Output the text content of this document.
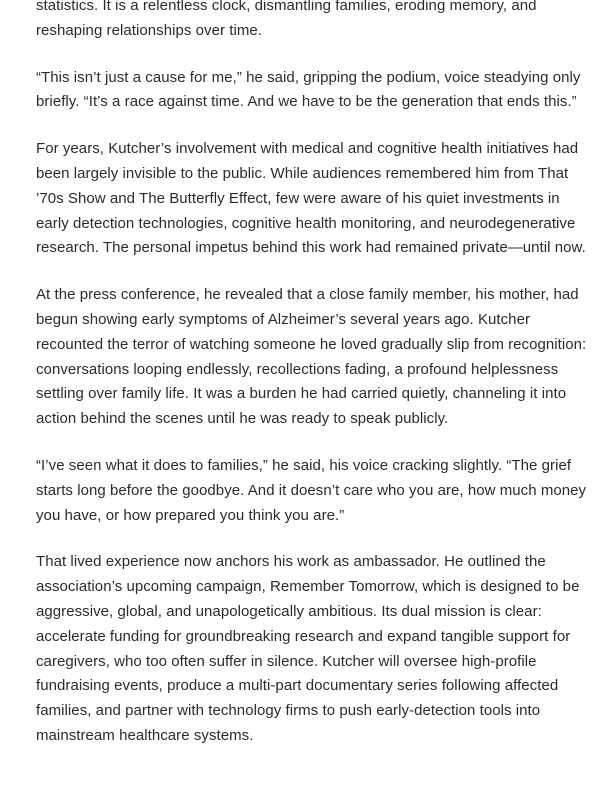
statistics. It is a relentless clock, dismantling families, eroding memory, and reshaping relationships over time.

“This isn’t just a cause for me,” he said, gripping the podium, voice steadying only briefly. “It’s a race against time. And we have to be the generation that ends this.”

For years, Kutcher’s involvement with medical and cognitive health initiatives had been largely invisible to the public. While audiences remembered him from That ’70s Show and The Butterfly Effect, few were aware of his quiet investments in early detection technologies, cognitive health monitoring, and neurodegenerative research. The personal impetus behind this work had remained private—until now.

At the press conference, he revealed that a close family member, his mother, had begun showing early symptoms of Alzheimer’s several years ago. Kutcher recounted the terror of watching someone he loved gradually slip from recognition: conversations looping endlessly, recollections fading, a profound helplessness settling over family life. It was a burden he had carried quietly, channeling it into action behind the scenes until he was ready to speak publicly.

“I’ve seen what it does to families,” he said, his voice cracking slightly. “The grief starts long before the goodbye. And it doesn’t care who you are, how much money you have, or how prepared you think you are.”

That lived experience now anchors his work as ambassador. He outlined the association’s upcoming campaign, Remember Tomorrow, which is designed to be aggressive, global, and unapologetically ambitious. Its dual mission is clear: accelerate funding for groundbreaking research and expand tangible support for caregivers, who too often suffer in silence. Kutcher will oversee high-profile fundraising events, produce a multi-part documentary series following affected families, and partner with technology firms to push early-detection tools into mainstream healthcare systems.
